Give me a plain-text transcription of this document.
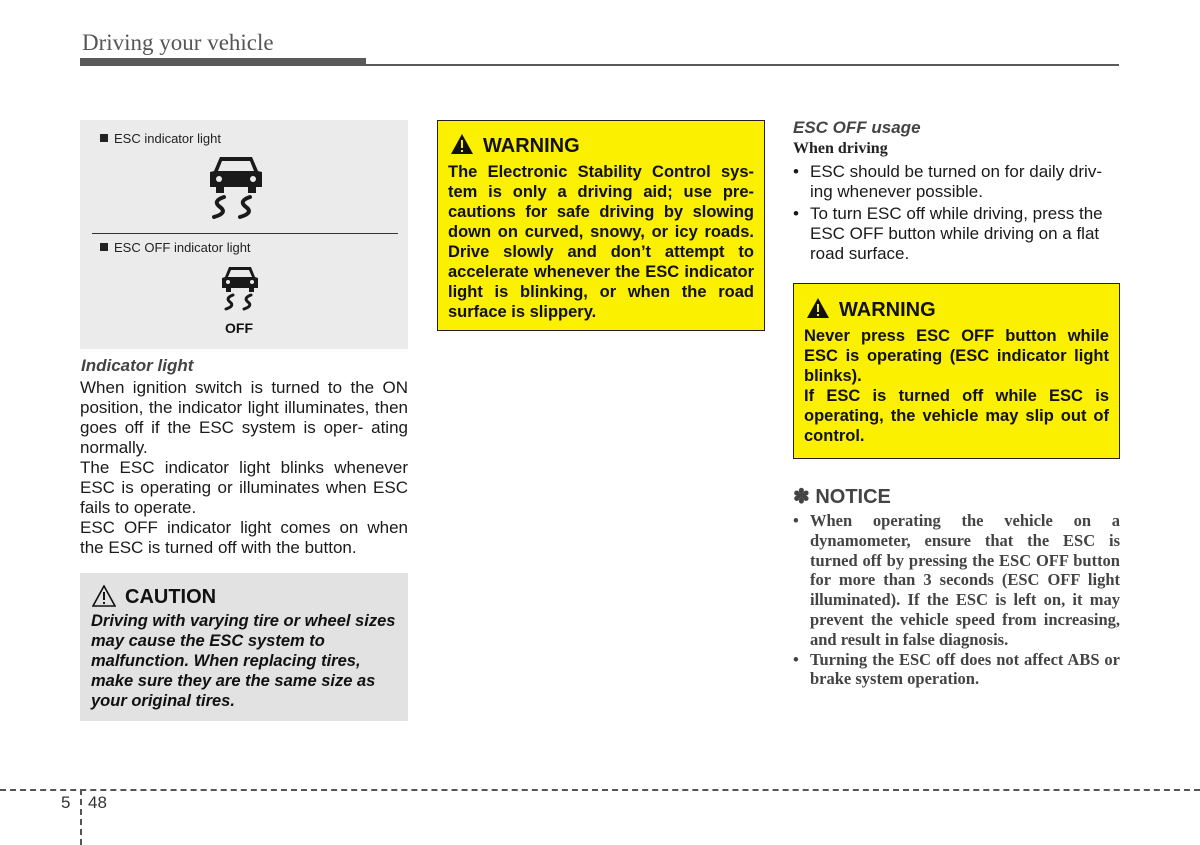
Driving your vehicle
ESC indicator light
ESC OFF indicator light
OFF
Indicator light

When ignition switch is turned to the ON position, the indicator light illuminates, then goes off if the ESC system is oper- ating normally.

The ESC indicator light blinks whenever ESC is operating or illuminates when ESC fails to operate.

ESC OFF indicator light comes on when the ESC is turned off with the button.

CAUTION
Driving with varying tire or wheel sizes may cause the ESC system to malfunction. When replacing tires, make sure they are the same size as your original tires.
WARNING
The Electronic Stability Control sys- tem is only a driving aid; use pre- cautions for safe driving by slowing down on curved, snowy, or icy roads. Drive slowly and don’t attempt to accelerate whenever the ESC indicator light is blinking, or when the road surface is slippery.
ESC OFF usage
When driving
• ESC should be turned on for daily driv- ing whenever possible.
• To turn ESC off while driving, press the ESC OFF button while driving on a flat road surface.
WARNING
Never press ESC OFF button while ESC is operating (ESC indicator light blinks).
If ESC is turned off while ESC is operating, the vehicle may slip out of control.
✽ NOTICE
• When operating the vehicle on a dynamometer, ensure that the ESC is turned off by pressing the ESC OFF button for more than 3 seconds (ESC OFF light illuminated). If the ESC is left on, it may prevent the vehicle speed from increasing, and result in false diagnosis.
• Turning the ESC off does not affect ABS or brake system operation.
5 48
